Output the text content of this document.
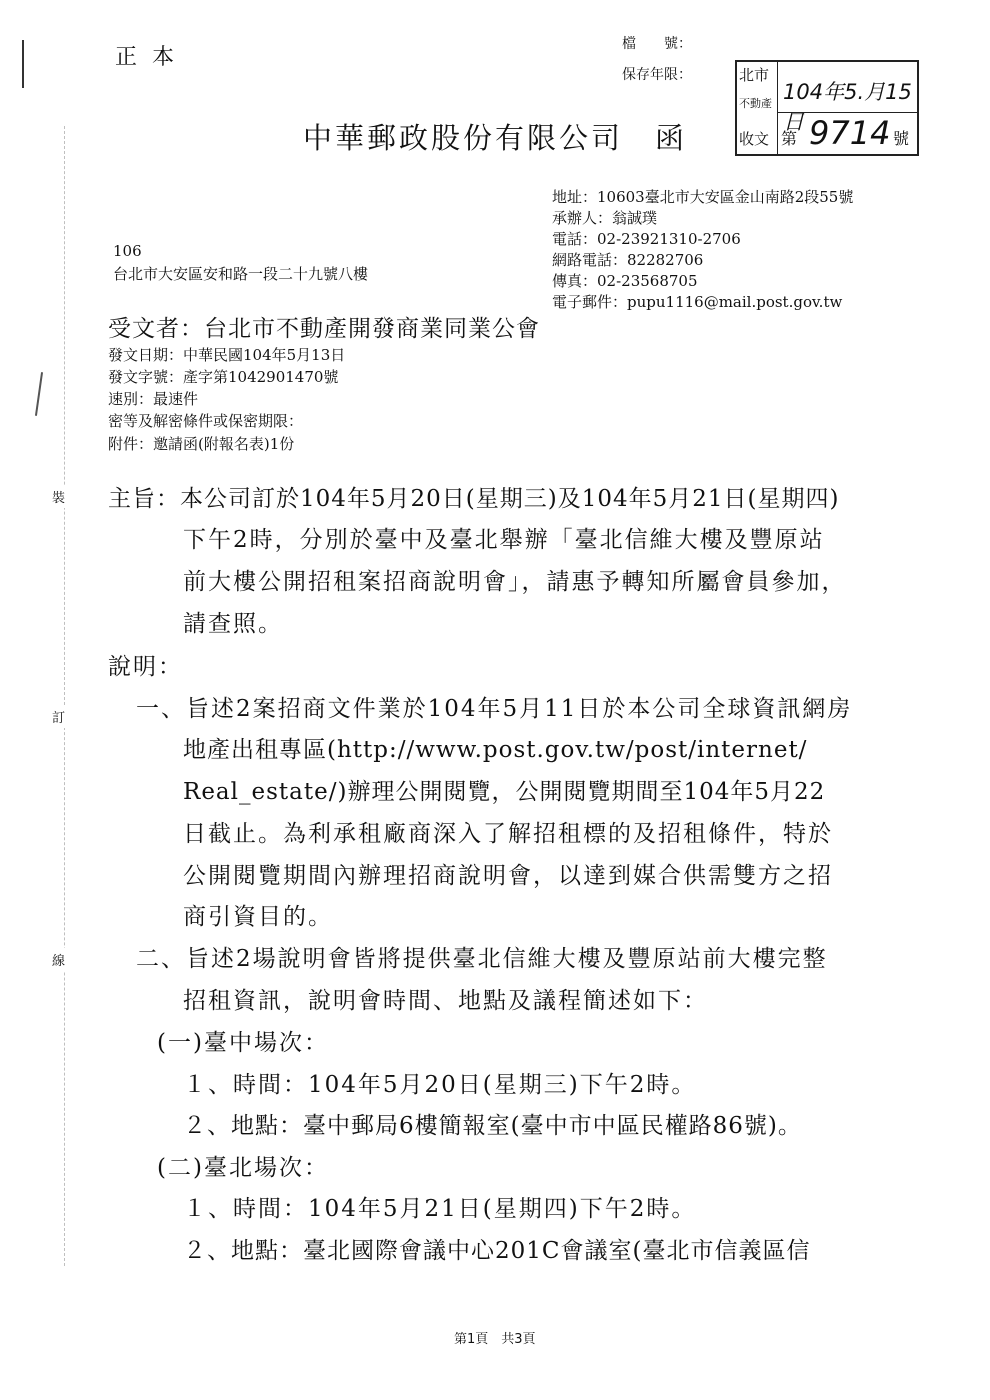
裝
訂
線
正 本
檔　　號：
保存年限：
中華郵政股份有限公司　函
北市
不動產
收文
104年5.月15日
第 9714 號
地址：10603臺北市大安區金山南路2段55號
承辦人：翁誠璞
電話：02-23921310-2706
網路電話：82282706
傳真：02-23568705
電子郵件：pupu1116@mail.post.gov.tw
106
台北市大安區安和路一段二十九號八樓
受文者：台北市不動產開發商業同業公會
發文日期：中華民國104年5月13日
發文字號：產字第1042901470號
速別：最速件
密等及解密條件或保密期限：
附件：邀請函(附報名表)1份
主旨：本公司訂於104年5月20日(星期三)及104年5月21日(星期四)
下午2時，分別於臺中及臺北舉辦「臺北信維大樓及豐原站
前大樓公開招租案招商說明會」，請惠予轉知所屬會員參加，
請查照。
說明：
一、旨述2案招商文件業於104年5月11日於本公司全球資訊網房
地產出租專區(http://www.post.gov.tw/post/internet/
Real_estate/)辦理公開閱覽，公開閱覽期間至104年5月22
日截止。為利承租廠商深入了解招租標的及招租條件，特於
公開閱覽期間內辦理招商說明會，以達到媒合供需雙方之招
商引資目的。
二、旨述2場說明會皆將提供臺北信維大樓及豐原站前大樓完整
招租資訊，說明會時間、地點及議程簡述如下：
(一)臺中場次：
１、時間：104年5月20日(星期三)下午2時。
２、地點：臺中郵局6樓簡報室(臺中市中區民權路86號)。
(二)臺北場次：
１、時間：104年5月21日(星期四)下午2時。
２、地點：臺北國際會議中心201C會議室(臺北市信義區信
第1頁　共3頁
